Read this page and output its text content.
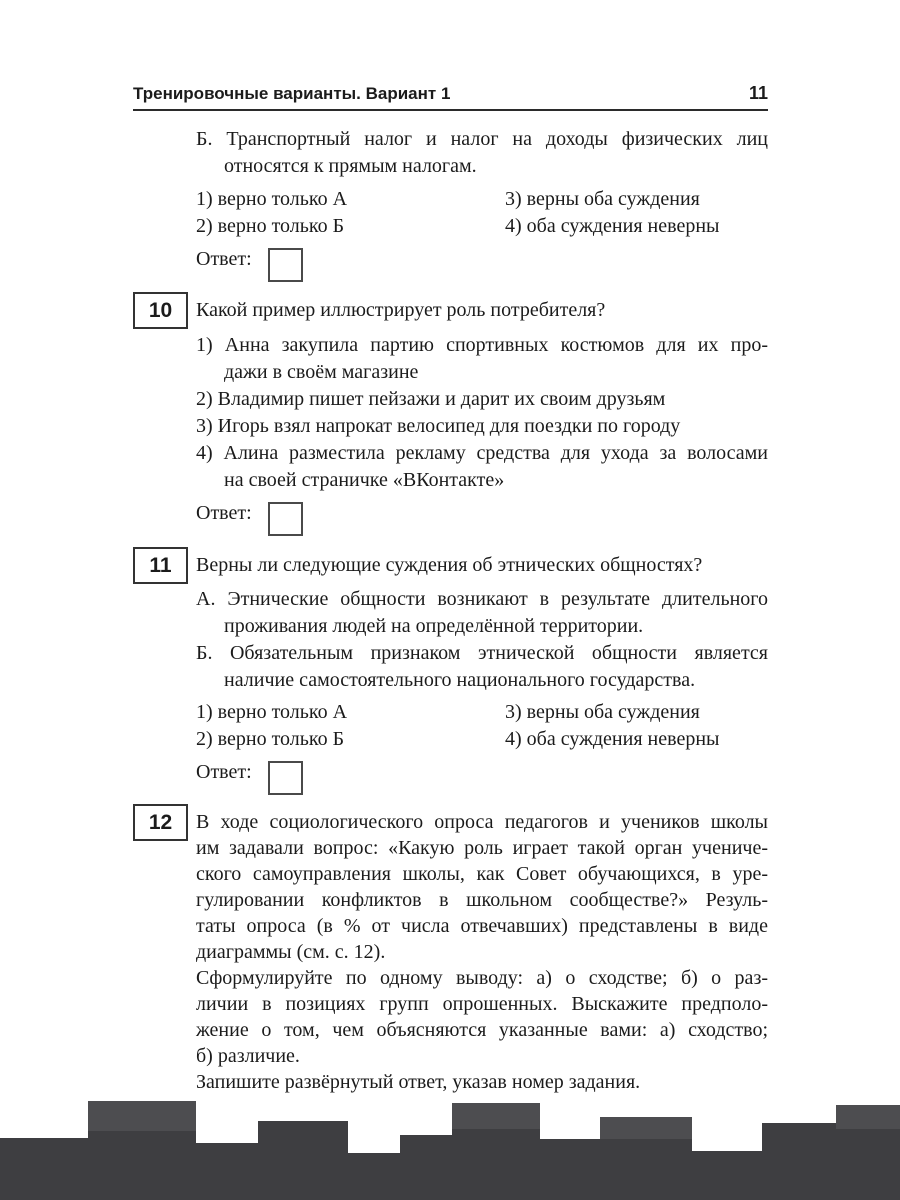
Тренировочные варианты. Вариант 1	11
Б. Транспортный налог и налог на доходы физических лиц
относятся к прямым налогам.
1) верно только А	3) верны оба суждения
2) верно только Б	4) оба суждения неверны
Ответ:
10 Какой пример иллюстрирует роль потребителя?
1) Анна закупила партию спортивных костюмов для их про-
дажи в своём магазине
2) Владимир пишет пейзажи и дарит их своим друзьям
3) Игорь взял напрокат велосипед для поездки по городу
4) Алина разместила рекламу средства для ухода за волосами
на своей страничке «ВКонтакте»
Ответ:
11 Верны ли следующие суждения об этнических общностях?
А. Этнические общности возникают в результате длительного
проживания людей на определённой территории.
Б. Обязательным признаком этнической общности является
наличие самостоятельного национального государства.
1) верно только А	3) верны оба суждения
2) верно только Б	4) оба суждения неверны
Ответ:
12 В ходе социологического опроса педагогов и учеников школы
им задавали вопрос: «Какую роль играет такой орган учениче-
ского самоуправления школы, как Совет обучающихся, в уре-
гулировании конфликтов в школьном сообществе?» Резуль-
таты опроса (в % от числа отвечавших) представлены в виде
диаграммы (см. с. 12).
Сформулируйте по одному выводу: а) о сходстве; б) о раз-
личии в позициях групп опрошенных. Выскажите предполо-
жение о том, чем объясняются указанные вами: а) сходство;
б) различие.
Запишите развёрнутый ответ, указав номер задания.
